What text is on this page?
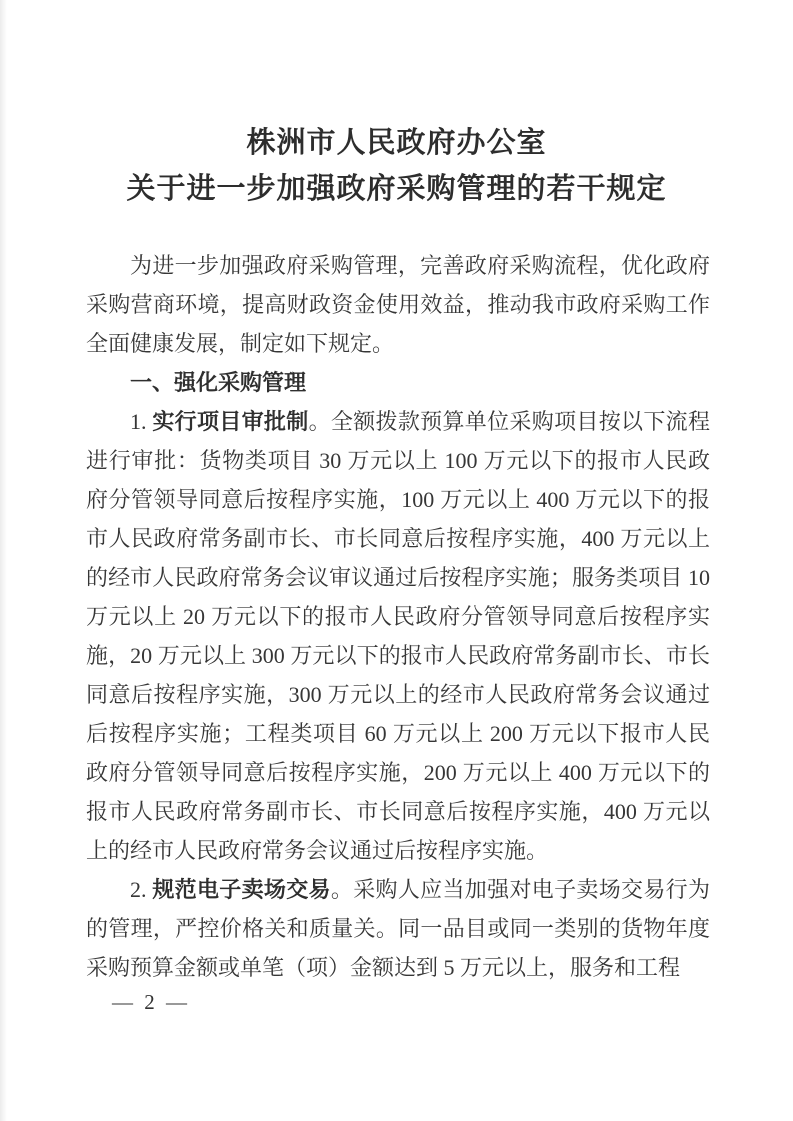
株洲市人民政府办公室
关于进一步加强政府采购管理的若干规定

为进一步加强政府采购管理，完善政府采购流程，优化政府采购营商环境，提高财政资金使用效益，推动我市政府采购工作全面健康发展，制定如下规定。

一、强化采购管理

1. 实行项目审批制。全额拨款预算单位采购项目按以下流程进行审批：货物类项目 30 万元以上 100 万元以下的报市人民政府分管领导同意后按程序实施，100 万元以上 400 万元以下的报市人民政府常务副市长、市长同意后按程序实施，400 万元以上的经市人民政府常务会议审议通过后按程序实施；服务类项目 10 万元以上 20 万元以下的报市人民政府分管领导同意后按程序实施，20 万元以上 300 万元以下的报市人民政府常务副市长、市长同意后按程序实施，300 万元以上的经市人民政府常务会议通过后按程序实施；工程类项目 60 万元以上 200 万元以下报市人民政府分管领导同意后按程序实施，200 万元以上 400 万元以下的报市人民政府常务副市长、市长同意后按程序实施，400 万元以上的经市人民政府常务会议通过后按程序实施。

2. 规范电子卖场交易。采购人应当加强对电子卖场交易行为的管理，严控价格关和质量关。同一品目或同一类别的货物年度采购预算金额或单笔（项）金额达到 5 万元以上，服务和工程

— 2 —
